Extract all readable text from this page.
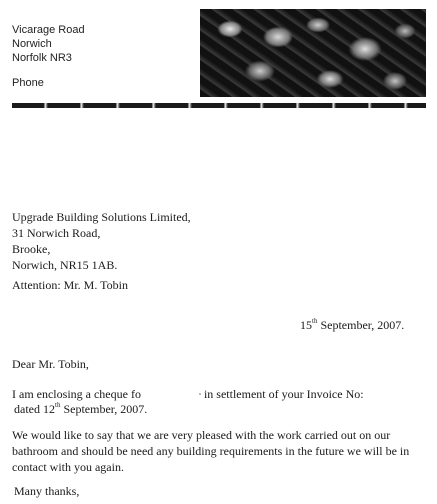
Vicarage Road
Norwich
Norfolk NR3
Phone
Upgrade Building Solutions Limited,
31 Norwich Road,
Brooke,
Norwich, NR15 1AB.
Attention: Mr. M. Tobin
15th September, 2007.
Dear Mr. Tobin,
I am enclosing a cheque fo	in settlement of your Invoice No:
dated 12th September, 2007.
We would like to say that we are very pleased with the work carried out on our bathroom and should be need any building requirements in the future we will be in contact with you again.
Many thanks,
